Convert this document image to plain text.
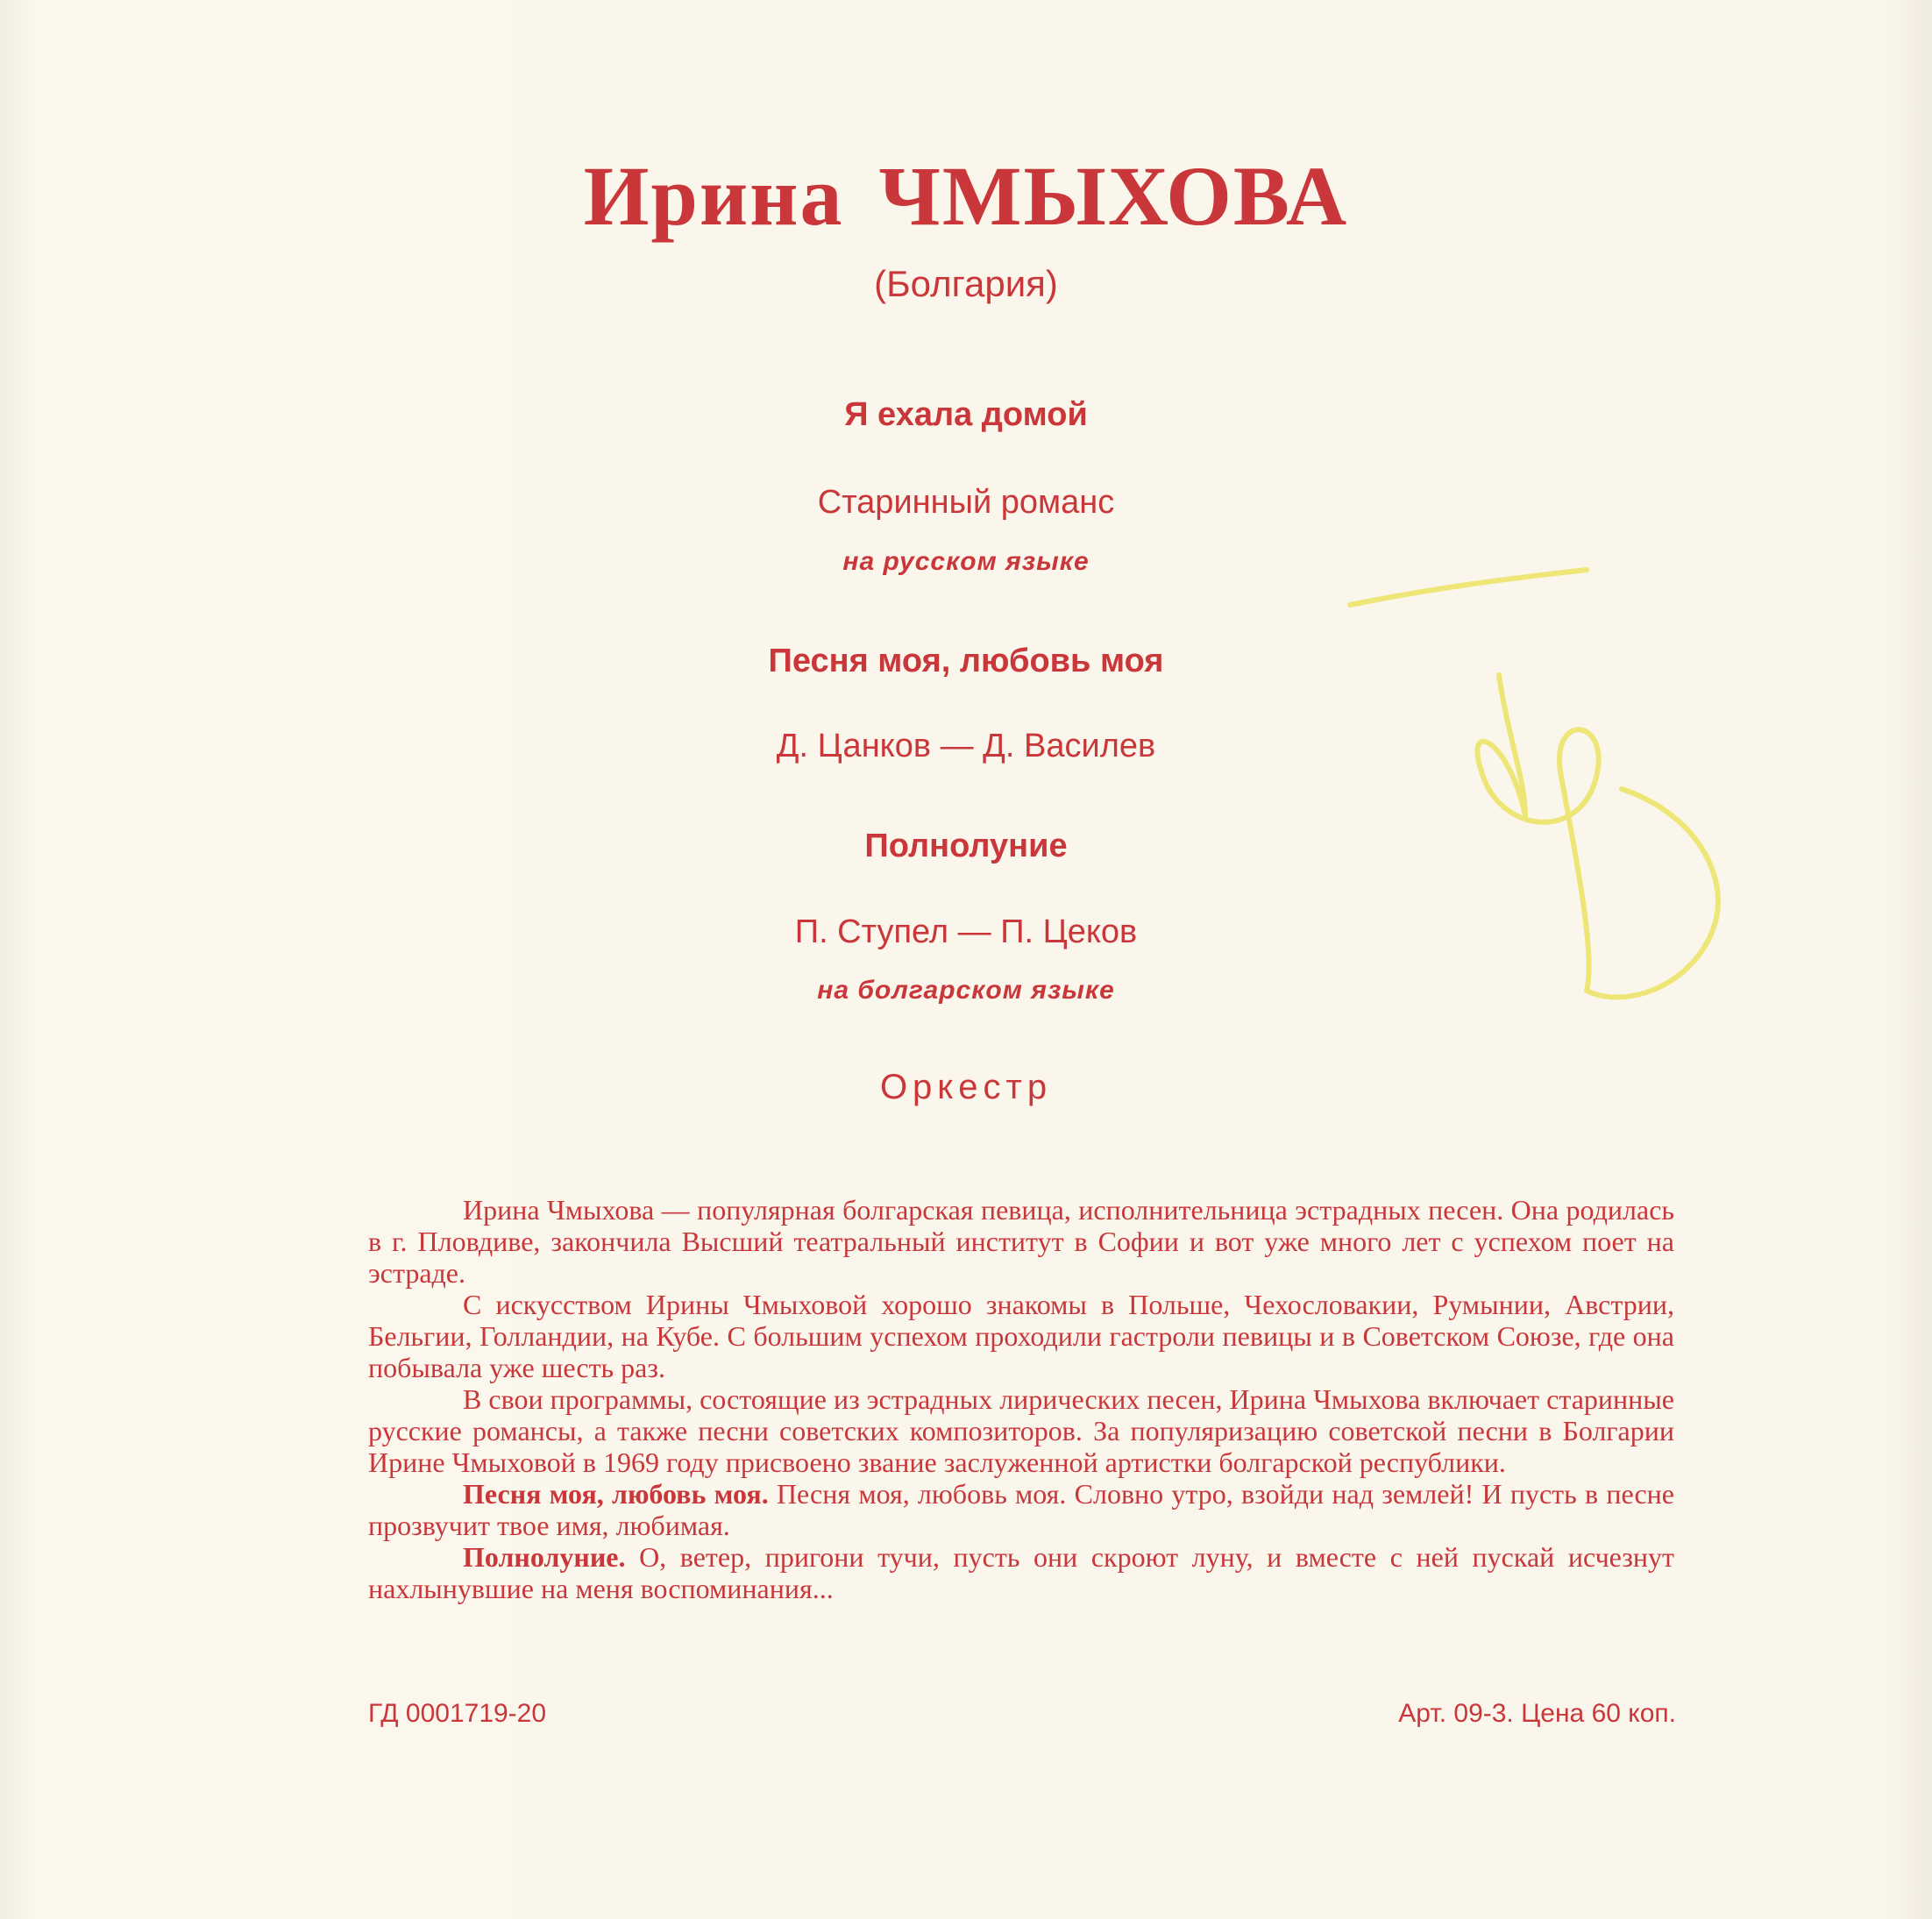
Ирина ЧМЫХОВА
(Болгария)
Я ехала домой
Старинный романс
на русском языке
Песня моя, любовь моя
Д. Цанков — Д. Василев
Полнолуние
П. Ступел — П. Цеков
на болгарском языке
Оркестр

Ирина Чмыхова — популярная болгарская певица, исполнительница эстрадных песен. Она родилась в г. Пловдиве, закончила Высший театральный институт в Софии и вот уже много лет с успехом поет на эстраде.

С искусством Ирины Чмыховой хорошо знакомы в Польше, Чехословакии, Румынии, Австрии, Бельгии, Голландии, на Кубе. С большим успехом проходили гастроли певицы и в Советском Союзе, где она побывала уже шесть раз.

В свои программы, состоящие из эстрадных лирических песен, Ирина Чмыхова включает старинные русские романсы, а также песни советских композиторов. За популяризацию советской песни в Болгарии Ирине Чмыховой в 1969 году присвоено звание заслуженной артистки болгарской республики.

Песня моя, любовь моя. Песня моя, любовь моя. Словно утро, взойди над землей! И пусть в песне прозвучит твое имя, любимая.

Полнолуние. О, ветер, пригони тучи, пусть они скроют луну, и вместе с ней пускай исчезнут нахлынувшие на меня воспоминания...

ГД 0001719-20	Арт. 09-3. Цена 60 коп.
